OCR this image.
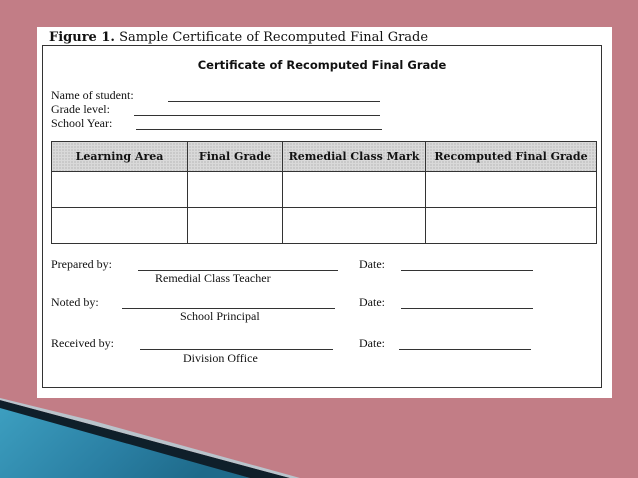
Figure 1. Sample Certificate of Recomputed Final Grade
Certificate of Recomputed Final Grade
Name of student:
Grade level:
School Year:
Learning Area	Final Grade	Remedial Class Mark	Recomputed Final Grade

Prepared by:
Remedial Class Teacher
Date:
Noted by:
School Principal
Date:
Received by:
Division Office
Date:
